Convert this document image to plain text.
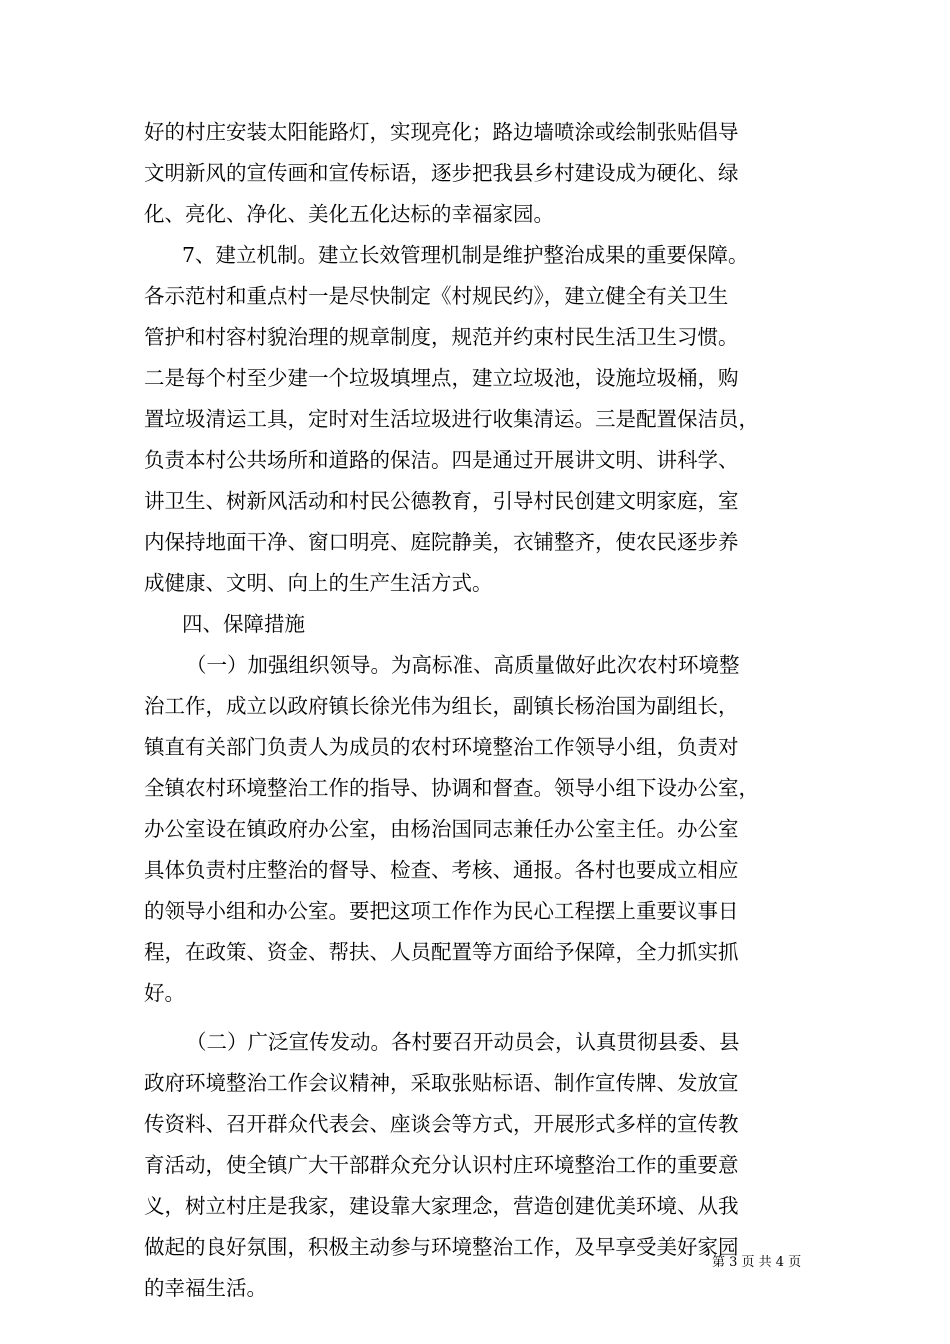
好的村庄安装太阳能路灯，实现亮化；路边墙喷涂或绘制张贴倡导
文明新风的宣传画和宣传标语，逐步把我县乡村建设成为硬化、绿
化、亮化、净化、美化五化达标的幸福家园。
7、建立机制。建立长效管理机制是维护整治成果的重要保障。
各示范村和重点村一是尽快制定《村规民约》，建立健全有关卫生
管护和村容村貌治理的规章制度，规范并约束村民生活卫生习惯。
二是每个村至少建一个垃圾填埋点，建立垃圾池，设施垃圾桶，购
置垃圾清运工具，定时对生活垃圾进行收集清运。三是配置保洁员，
负责本村公共场所和道路的保洁。四是通过开展讲文明、讲科学、
讲卫生、树新风活动和村民公德教育，引导村民创建文明家庭，室
内保持地面干净、窗口明亮、庭院静美，衣铺整齐，使农民逐步养
成健康、文明、向上的生产生活方式。
四、保障措施
（一）加强组织领导。为高标准、高质量做好此次农村环境整
治工作，成立以政府镇长徐光伟为组长，副镇长杨治国为副组长，
镇直有关部门负责人为成员的农村环境整治工作领导小组，负责对
全镇农村环境整治工作的指导、协调和督查。领导小组下设办公室，
办公室设在镇政府办公室，由杨治国同志兼任办公室主任。办公室
具体负责村庄整治的督导、检查、考核、通报。各村也要成立相应
的领导小组和办公室。要把这项工作作为民心工程摆上重要议事日
程，在政策、资金、帮扶、人员配置等方面给予保障，全力抓实抓
好。
（二）广泛宣传发动。各村要召开动员会，认真贯彻县委、县
政府环境整治工作会议精神，采取张贴标语、制作宣传牌、发放宣
传资料、召开群众代表会、座谈会等方式，开展形式多样的宣传教
育活动，使全镇广大干部群众充分认识村庄环境整治工作的重要意
义，树立村庄是我家，建设靠大家理念，营造创建优美环境、从我
做起的良好氛围，积极主动参与环境整治工作，及早享受美好家园
的幸福生活。
第 3 页 共 4 页
